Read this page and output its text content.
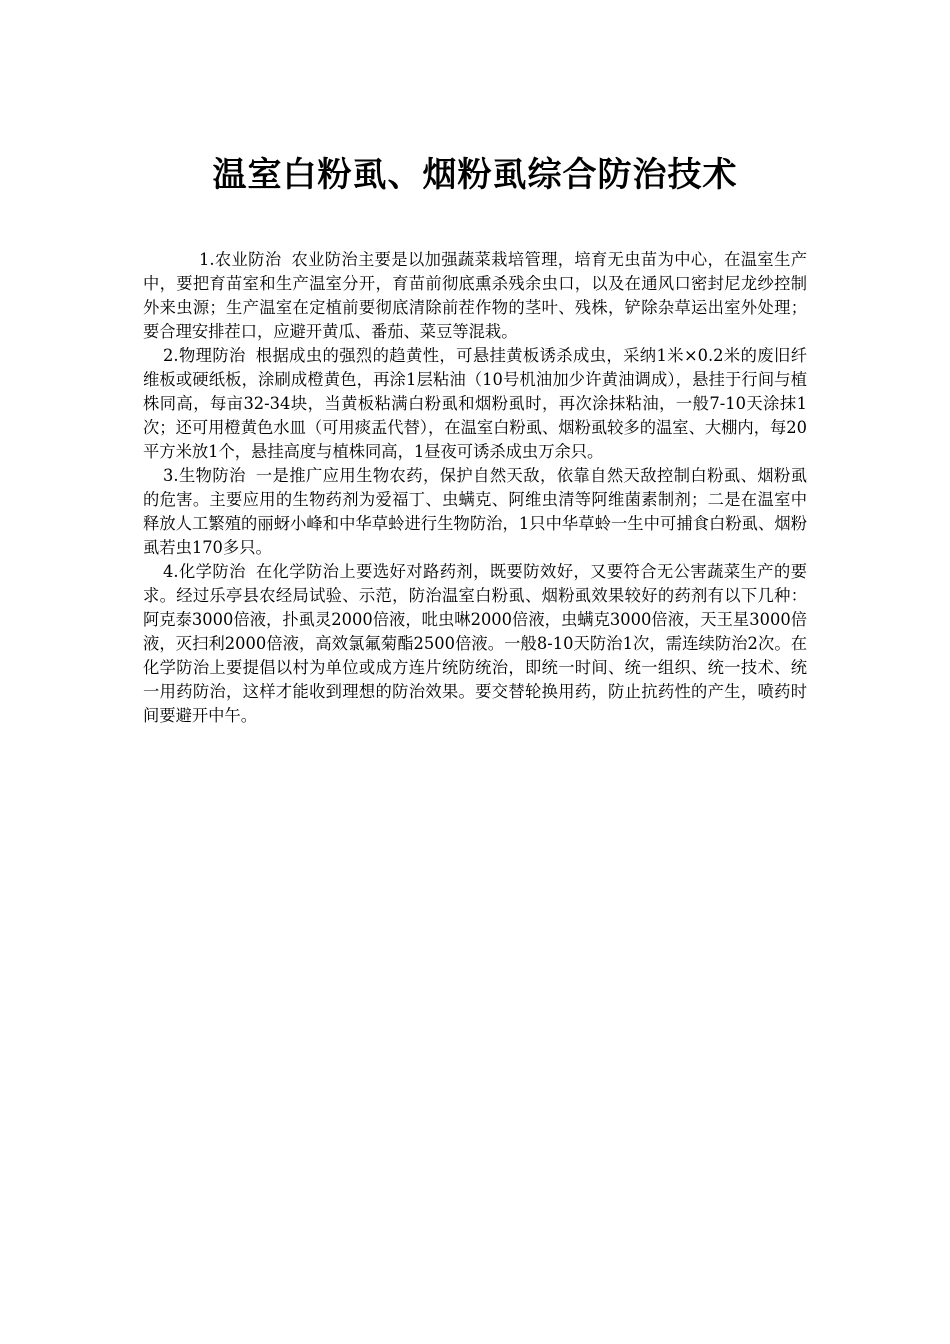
温室白粉虱、烟粉虱综合防治技术

1.农业防治 农业防治主要是以加强蔬菜栽培管理，培育无虫苗为中心，在温室生产中，要把育苗室和生产温室分开，育苗前彻底熏杀残余虫口，以及在通风口密封尼龙纱控制外来虫源；生产温室在定植前要彻底清除前茬作物的茎叶、残株，铲除杂草运出室外处理；要合理安排茬口，应避开黄瓜、番茄、菜豆等混栽。

2.物理防治 根据成虫的强烈的趋黄性，可悬挂黄板诱杀成虫，采纳1米×0.2米的废旧纤维板或硬纸板，涂刷成橙黄色，再涂1层粘油（10号机油加少许黄油调成），悬挂于行间与植株同高，每亩32-34块，当黄板粘满白粉虱和烟粉虱时，再次涂抹粘油，一般7-10天涂抹1次；还可用橙黄色水皿（可用痰盂代替），在温室白粉虱、烟粉虱较多的温室、大棚内，每20平方米放1个，悬挂高度与植株同高，1昼夜可诱杀成虫万余只。

3.生物防治 一是推广应用生物农药，保护自然天敌，依靠自然天敌控制白粉虱、烟粉虱的危害。主要应用的生物药剂为爱福丁、虫螨克、阿维虫清等阿维菌素制剂；二是在温室中释放人工繁殖的丽蚜小峰和中华草蛉进行生物防治，1只中华草蛉一生中可捕食白粉虱、烟粉虱若虫170多只。

4.化学防治 在化学防治上要选好对路药剂，既要防效好，又要符合无公害蔬菜生产的要求。经过乐亭县农经局试验、示范，防治温室白粉虱、烟粉虱效果较好的药剂有以下几种：阿克泰3000倍液，扑虱灵2000倍液，吡虫啉2000倍液，虫螨克3000倍液，天王星3000倍液，灭扫利2000倍液，高效氯氟菊酯2500倍液。一般8-10天防治1次，需连续防治2次。在化学防治上要提倡以村为单位或成方连片统防统治，即统一时间、统一组织、统一技术、统一用药防治，这样才能收到理想的防治效果。要交替轮换用药，防止抗药性的产生，喷药时间要避开中午。
